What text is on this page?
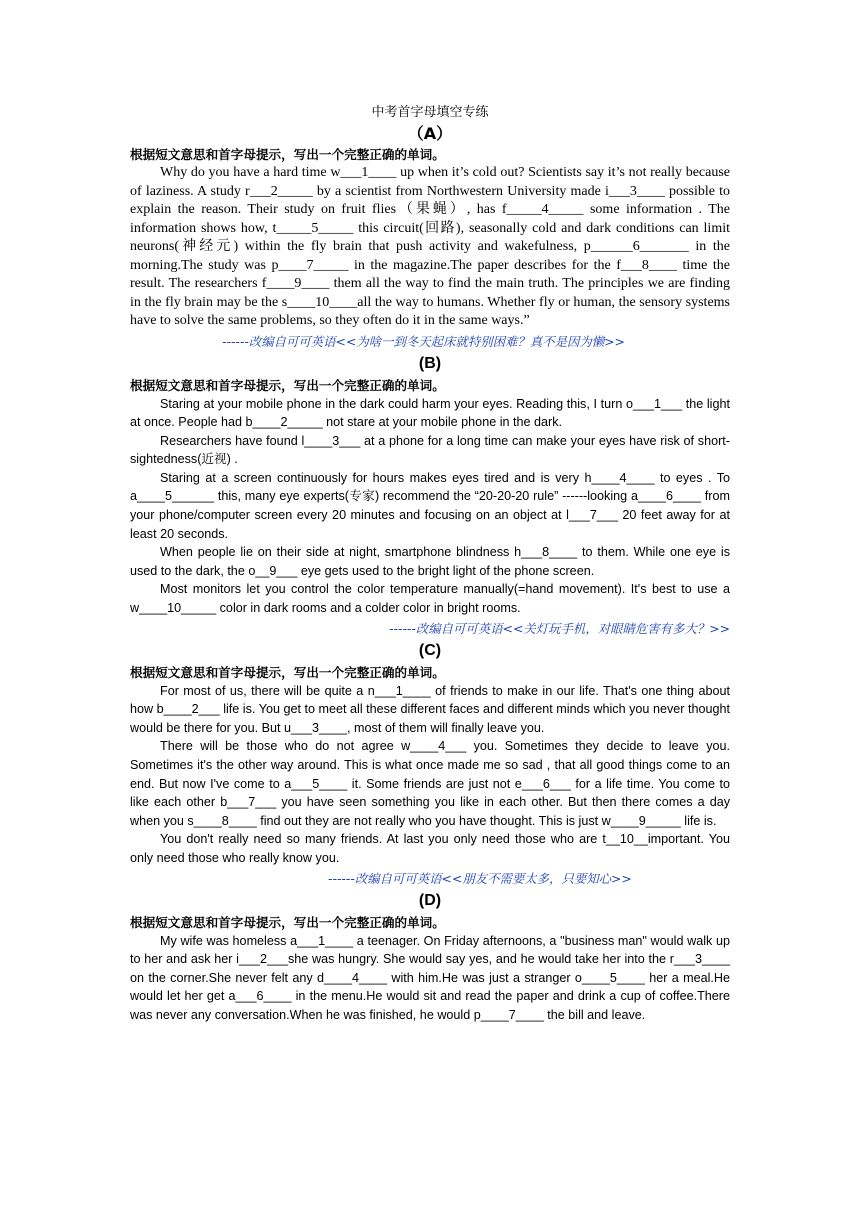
中考首字母填空专练
（A）
根据短文意思和首字母提示，写出一个完整正确的单词。

Why do you have a hard time w___1____ up when it’s cold out? Scientists say it’s not really because of laziness. A study r___2_____ by a scientist from Northwestern University made i___3____ possible to explain the reason. Their study on fruit flies（果蝇）, has f_____4_____ some information . The information shows how, t_____5_____ this circuit(回路), seasonally cold and dark conditions can limit neurons(神经元) within the fly brain that push activity and wakefulness, p______6_______ in the morning.The study was p____7_____ in the magazine.The paper describes for the f___8____ time the result. The researchers f____9____ them all the way to find the main truth. The principles we are finding in the fly brain may be the s____10____all the way to humans. Whether fly or human, the sensory systems have to solve the same problems, so they often do it in the same ways.”

------改编自可可英语<<为啥一到冬天起床就特别困难？真不是因为懒>>
(B)
根据短文意思和首字母提示，写出一个完整正确的单词。

Staring at your mobile phone in the dark could harm your eyes. Reading this, I turn o___1___ the light at once. People had b____2_____ not stare at your mobile phone in the dark.

Researchers have found l____3___ at a phone for a long time can make your eyes have risk of short-sightedness(近视) .

Staring at a screen continuously for hours makes eyes tired and is very h____4____ to eyes . To a____5______ this, many eye experts(专家) recommend the “20-20-20 rule” ------looking a____6____ from your phone/computer screen every 20 minutes and focusing on an object at l___7___ 20 feet away for at least 20 seconds.

When people lie on their side at night, smartphone blindness h___8____ to them. While one eye is used to the dark, the o__9___ eye gets used to the bright light of the phone screen.

Most monitors let you control the color temperature manually(=hand movement). It's best to use a w____10_____ color in dark rooms and a colder color in bright rooms.

------改编自可可英语<<关灯玩手机，对眼睛危害有多大？>>
(C)
根据短文意思和首字母提示，写出一个完整正确的单词。

For most of us, there will be quite a n___1____ of friends to make in our life. That's one thing about how b____2___ life is. You get to meet all these different faces and different minds which you never thought would be there for you. But u___3____, most of them will finally leave you.

There will be those who do not agree w____4___ you. Sometimes they decide to leave you. Sometimes it's the other way around. This is what once made me so sad , that all good things come to an end. But now I've come to a___5____ it. Some friends are just not e___6___ for a life time. You come to like each other b___7___ you have seen something you like in each other. But then there comes a day when you s____8____ find out they are not really who you have thought. This is just w____9_____ life is.

You don't really need so many friends. At last you only need those who are t__10__important. You only need those who really know you.

------改编自可可英语<<朋友不需要太多，只要知心>>
(D)
根据短文意思和首字母提示，写出一个完整正确的单词。

My wife was homeless a___1____ a teenager. On Friday afternoons, a "business man" would walk up to her and ask her i___2___she was hungry. She would say yes, and he would take her into the r___3____ on the corner.She never felt any d____4____ with him.He was just a stranger o____5____ her a meal.He would let her get a___6____ in the menu.He would sit and read the paper and drink a cup of coffee.There was never any conversation.When he was finished, he would p____7____ the bill and leave.
